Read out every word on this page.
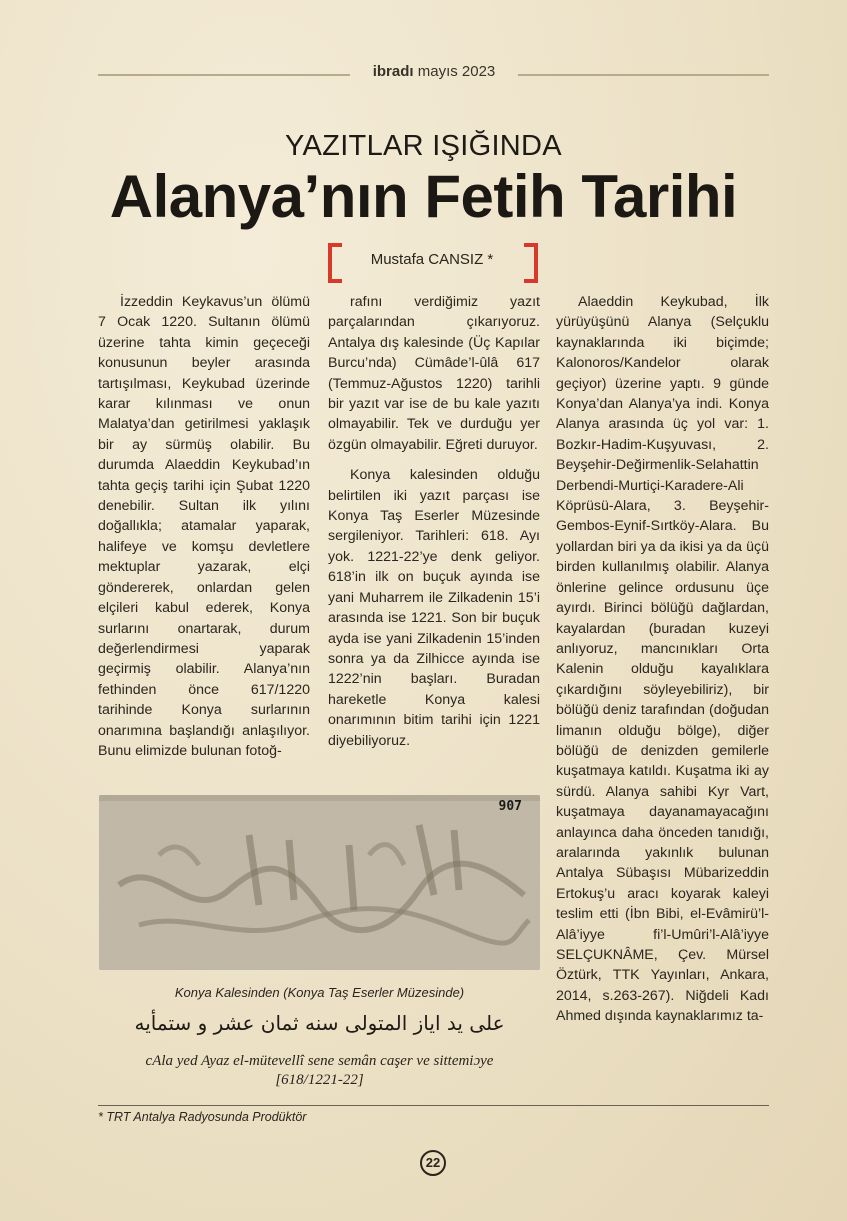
ibradı mayıs 2023
YAZITLAR IŞIĞINDA
Alanya’nın Fetih Tarihi
Mustafa CANSIZ *

İzzeddin Keykavus’un ölümü 7 Ocak 1220. Sultanın ölümü üzerine tahta kimin geçeceği konusunun beyler arasında tartışılması, Keykubad üzerinde karar kılınması ve onun Malatya’dan getirilmesi yaklaşık bir ay sürmüş olabilir. Bu durumda Alaeddin Keykubad’ın tahta geçiş tarihi için Şubat 1220 denebilir. Sultan ilk yılını doğallıkla; atamalar yaparak, halifeye ve komşu devletlere mektuplar yazarak, elçi göndererek, onlardan gelen elçileri kabul ederek, Konya surlarını onartarak, durum değerlendirmesi yaparak geçirmiş olabilir. Alanya’nın fethinden önce 617/1220 tarihinde Konya surlarının onarımına başlandığı anlaşılıyor. Bunu elimizde bulunan fotoğ-

rafını verdiğimiz yazıt parçalarından çıkarıyoruz. Antalya dış kalesinde (Üç Kapılar Burcu’nda) Cümâde’l-ûlâ 617 (Temmuz-Ağustos 1220) tarihli bir yazıt var ise de bu kale yazıtı olmayabilir. Tek ve durduğu yer özgün olmayabilir. Eğreti duruyor.

Konya kalesinden olduğu belirtilen iki yazıt parçası ise Konya Taş Eserler Müzesinde sergileniyor. Tarihleri: 618. Ayı yok. 1221-22’ye denk geliyor. 618’in ilk on buçuk ayında ise yani Muharrem ile Zilkadenin 15’i arasında ise 1221. Son bir buçuk ayda ise yani Zilkadenin 15’inden sonra ya da Zilhicce ayında ise 1222’nin başları. Buradan hareketle Konya kalesi onarımının bitim tarihi için 1221 diyebiliyoruz.

Alaeddin Keykubad, İlk yürüyüşünü Alanya (Selçuklu kaynaklarında iki biçimde; Kalonoros/Kandelor olarak geçiyor) üzerine yaptı. 9 günde Konya’dan Alanya’ya indi. Konya Alanya arasında üç yol var: 1. Bozkır-Hadim-Kuşyuvası, 2. Beyşehir-Değirmenlik-Selahattin Derbendi-Murtiçi-Karadere-Ali Köprüsü-Alara, 3. Beyşehir-Gembos-Eynif-Sırtköy-Alara. Bu yollardan biri ya da ikisi ya da üçü birden kullanılmış olabilir. Alanya önlerine gelince ordusunu üçe ayırdı. Birinci bölüğü dağlardan, kayalardan (buradan kuzeyi anlıyoruz, mancınıkları Orta Kalenin olduğu kayalıklara çıkardığını söyleyebiliriz), bir bölüğü deniz tarafından (doğudan limanın olduğu bölge), diğer bölüğü de denizden gemilerle kuşatmaya katıldı. Kuşatma iki ay sürdü. Alanya sahibi Kyr Vart, kuşatmaya dayanamayacağını anlayınca daha önceden tanıdığı, aralarında yakınlık bulunan Antalya Sübaşısı Mübarizeddin Ertokuş’u aracı koyarak kaleyi teslim etti (İbn Bibi, el-Evâmirü’l-Alâ’iyye fi’l-Umûri’l-Alâ’iyye SELÇUKNÂME, Çev. Mürsel Öztürk, TTK Yayınları, Ankara, 2014, s.263-267). Niğdeli Kadı Ahmed dışında kaynaklarımız ta-

907
Konya Kalesinden (Konya Taş Eserler Müzesinde)
على يد اياز المتولى سنه ثمان عشر و ستمأيه
cAla yed Ayaz el-mütevellî sene semân caşer ve sittemiɔye
[618/1221-22]
* TRT Antalya Radyosunda Prodüktör
22
